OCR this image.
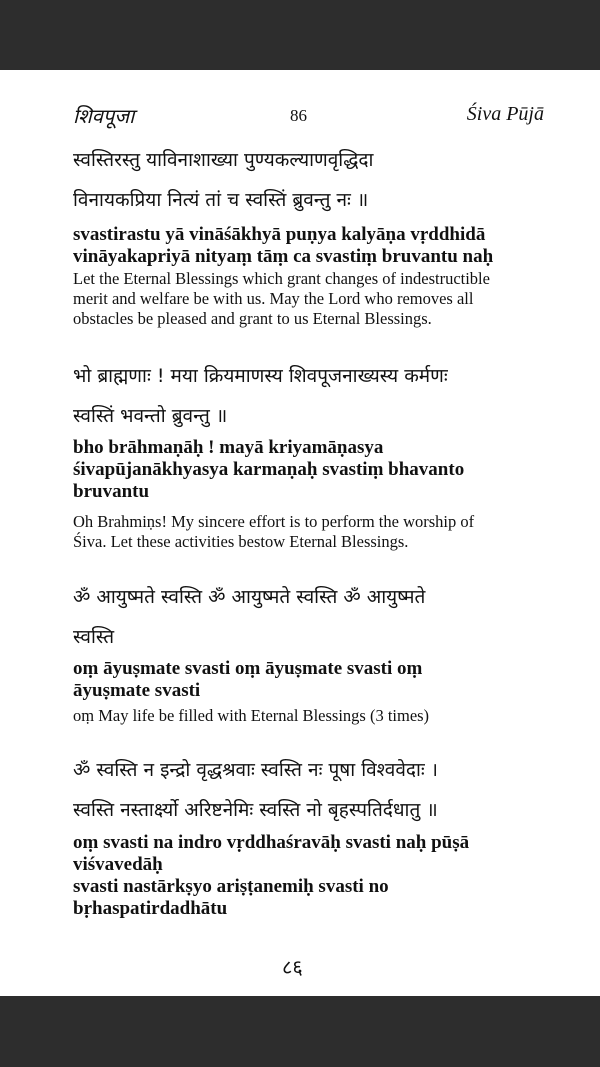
शिवपूजा	86	Śiva Pūjā
स्वस्तिरस्तु याविनाशाख्या पुण्यकल्याणवृद्धिदा
विनायकप्रिया नित्यं तां च स्वस्तिं ब्रुवन्तु नः ॥
svastirastu yā vināśākhyā puṇya kalyāṇa vṛddhidā
vināyakapriyā nityaṃ tāṃ ca svastiṃ bruvantu naḥ
Let the Eternal Blessings which grant changes of indestructible
merit and welfare be with us. May the Lord who removes all
obstacles be pleased and grant to us Eternal Blessings.
भो ब्राह्मणाः ! मया क्रियमाणस्य शिवपूजनाख्यस्य कर्मणः
स्वस्तिं भवन्तो ब्रुवन्तु ॥
bho brāhmaṇāḥ ! mayā kriyamāṇasya
śivapūjanākhyasya karmaṇaḥ svastiṃ bhavanto
bruvantu
Oh Brahmiṇs! My sincere effort is to perform the worship of
Śiva. Let these activities bestow Eternal Blessings.
ॐ आयुष्मते स्वस्ति ॐ आयुष्मते स्वस्ति ॐ आयुष्मते
स्वस्ति
oṃ āyuṣmate svasti oṃ āyuṣmate svasti oṃ
āyuṣmate svasti
oṃ May life be filled with Eternal Blessings (3 times)
ॐ स्वस्ति न इन्द्रो वृद्धश्रवाः स्वस्ति नः पूषा विश्ववेदाः ।
स्वस्ति नस्तार्क्ष्यो अरिष्टनेमिः स्वस्ति नो बृहस्पतिर्दधातु ॥
oṃ svasti na indro vṛddhaśravāḥ svasti naḥ pūṣā
viśvavedāḥ
svasti nastārkṣyo ariṣṭanemiḥ svasti no
bṛhaspatirdadhātu
८६
